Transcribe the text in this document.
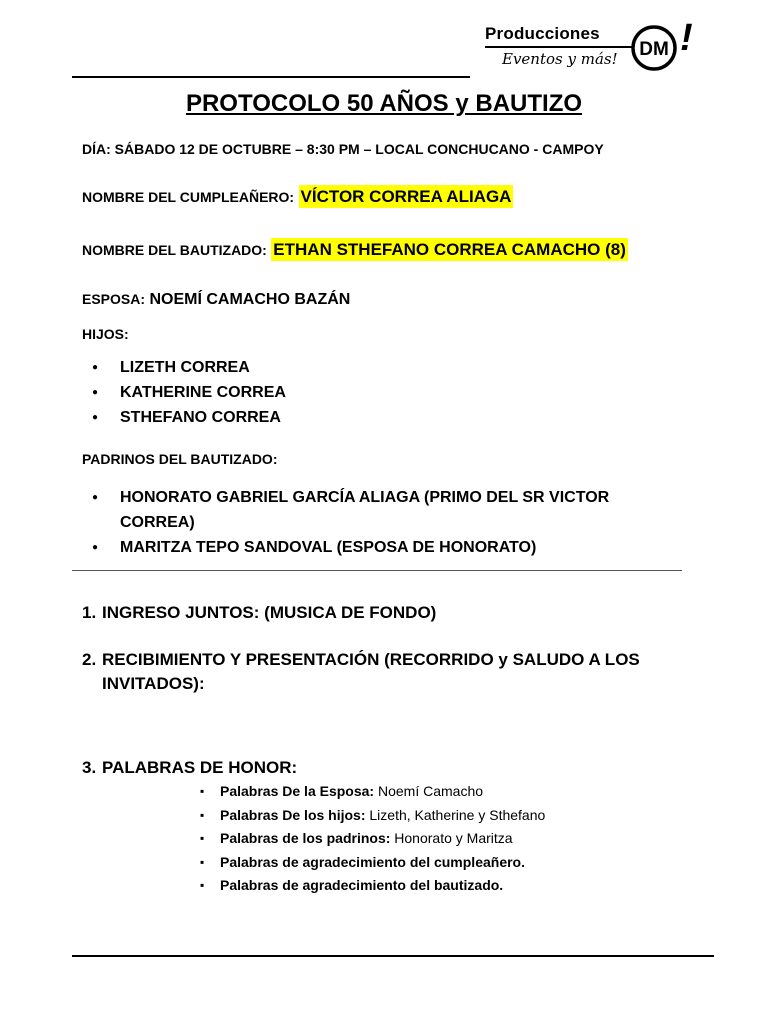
Producciones
Eventos y más! DM !
PROTOCOLO 50 AÑOS y BAUTIZO
DÍA: SÁBADO 12 DE OCTUBRE – 8:30 PM – LOCAL CONCHUCANO - CAMPOY
NOMBRE DEL CUMPLEAÑERO: VÍCTOR CORREA ALIAGA
NOMBRE DEL BAUTIZADO: ETHAN STHEFANO CORREA CAMACHO (8)
ESPOSA: NOEMÍ CAMACHO BAZÁN
HIJOS:
● LIZETH CORREA
● KATHERINE CORREA
● STHEFANO CORREA
PADRINOS DEL BAUTIZADO:
● HONORATO GABRIEL GARCÍA ALIAGA (PRIMO DEL SR VICTOR CORREA)
● MARITZA TEPO SANDOVAL (ESPOSA DE HONORATO)
1. INGRESO JUNTOS: (MUSICA DE FONDO)
2. RECIBIMIENTO Y PRESENTACIÓN (RECORRIDO y SALUDO A LOS INVITADOS):
3. PALABRAS DE HONOR:
▪ Palabras De la Esposa: Noemí Camacho
▪ Palabras De los hijos: Lizeth, Katherine y Sthefano
▪ Palabras de los padrinos: Honorato y Maritza
▪ Palabras de agradecimiento del cumpleañero.
▪ Palabras de agradecimiento del bautizado.
